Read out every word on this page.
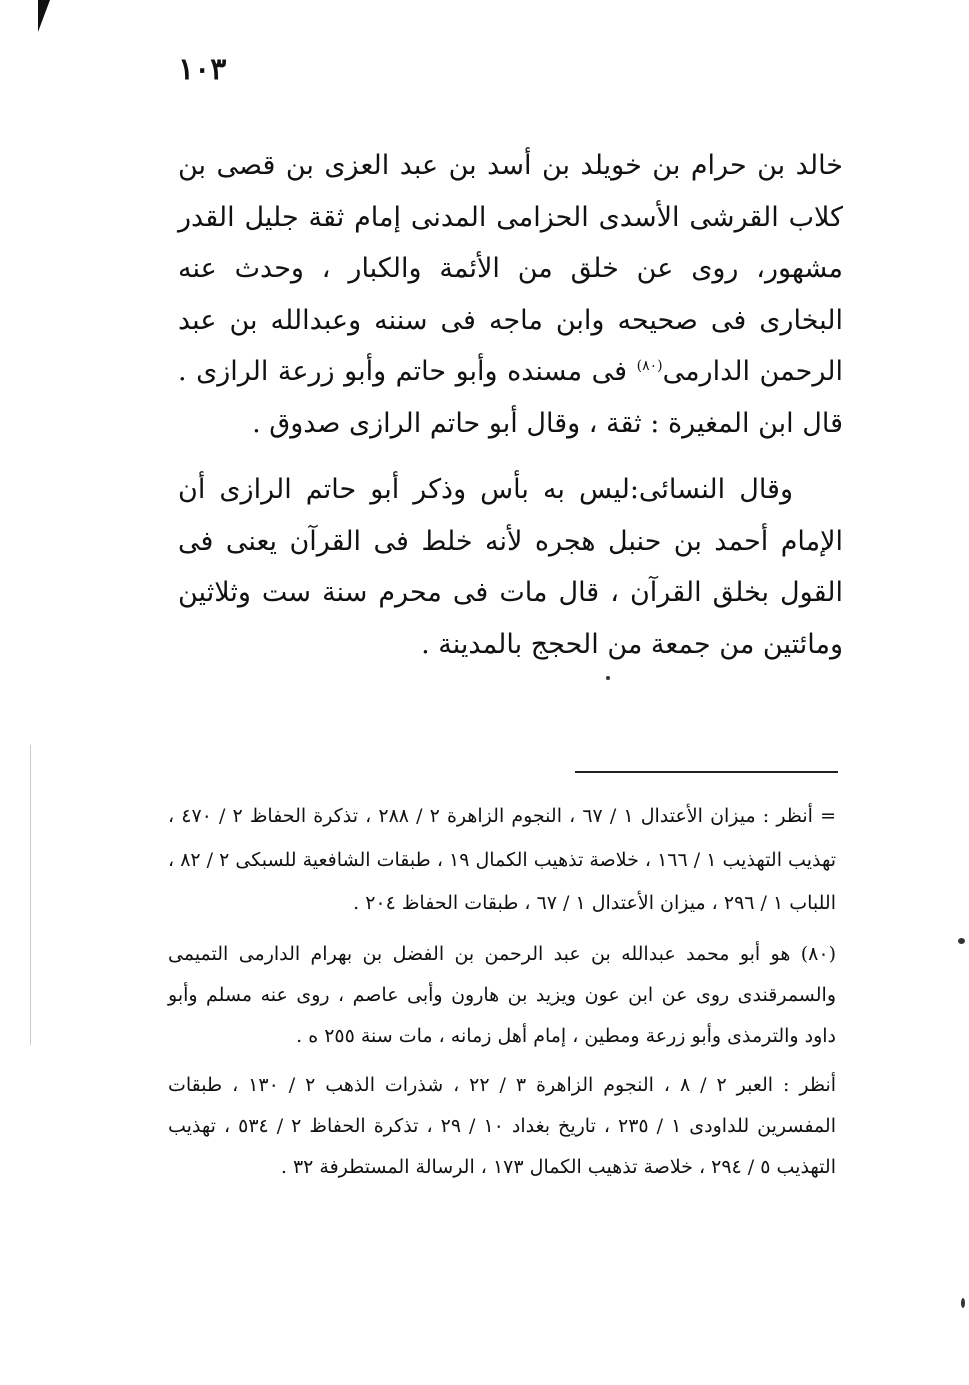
١٠٣

خالد بن حرام بن خويلد بن أسد بن عبد العزى بن قصى بن كلاب القرشى الأسدى الحزامى المدنى إمام ثقة جليل القدر مشهور، روى عن خلق من الأئمة والكبار ، وحدث عنه البخارى فى صحيحه وابن ماجه فى سننه وعبدالله بن عبد الرحمن الدارمى$^{(٨٠)}$ فى مسنده وأبو حاتم وأبو زرعة الرازى . قال ابن المغيرة : ثقة ، وقال أبو حاتم الرازى صدوق .

وقال النسائى:ليس به بأس وذكر أبو حاتم الرازى أن الإمام أحمد بن حنبل هجره لأنه خلط فى القرآن يعنى فى القول بخلق القرآن ، قال مات فى محرم سنة ست وثلاثين ومائتين من جمعة من الحجج بالمدينة .

= أنظر : ميزان الأعتدال ١ / ٦٧ ، النجوم الزاهرة ٢ / ٢٨٨ ، تذكرة الحفاظ ٢ / ٤٧٠ ، تهذيب التهذيب ١ / ١٦٦ ، خلاصة تذهيب الكمال ١٩ ، طبقات الشافعية للسبكى ٢ / ٨٢ ، اللباب ١ / ٢٩٦ ، ميزان الأعتدال ١ / ٦٧ ، طبقات الحفاظ ٢٠٤ .

(٨٠) هو أبو محمد عبدالله بن عبد الرحمن بن الفضل بن بهرام الدارمى التميمى والسمرقندى روى عن ابن عون ويزيد بن هارون وأبى عاصم ، روى عنه مسلم وأبو داود والترمذى وأبو زرعة ومطين ، إمام أهل زمانه ، مات سنة ٢٥٥ ه .

أنظر : العبر ٢ / ٨ ، النجوم الزاهرة ٣ / ٢٢ ، شذرات الذهب ٢ / ١٣٠ ، طبقات المفسرين للداودى ١ / ٢٣٥ ، تاريخ بغداد ١٠ / ٢٩ ، تذكرة الحفاظ ٢ / ٥٣٤ ، تهذيب التهذيب ٥ / ٢٩٤ ، خلاصة تذهيب الكمال ١٧٣ ، الرسالة المستطرفة ٣٢ .
